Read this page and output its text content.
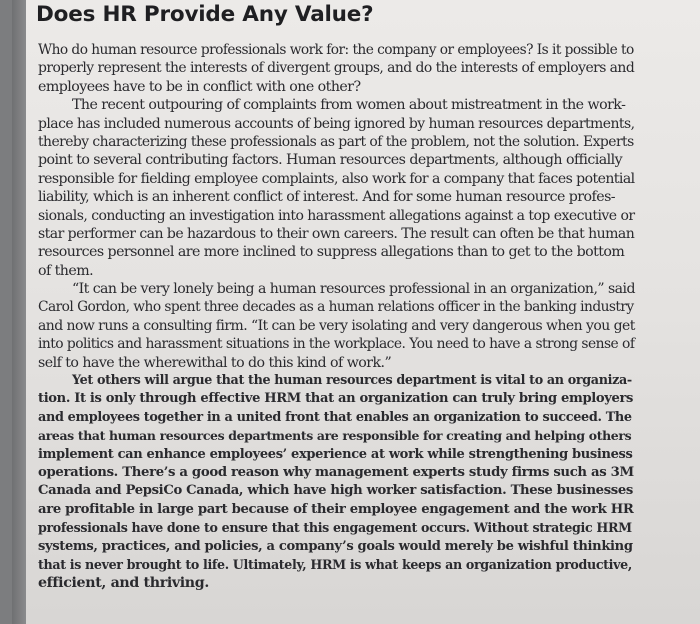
Does HR Provide Any Value?
Who do human resource professionals work for: the company or employees? Is it possible to
properly represent the interests of divergent groups, and do the interests of employers and
employees have to be in conflict with one other?
The recent outpouring of complaints from women about mistreatment in the work-
place has included numerous accounts of being ignored by human resources departments,
thereby characterizing these professionals as part of the problem, not the solution. Experts
point to several contributing factors. Human resources departments, although officially
responsible for fielding employee complaints, also work for a company that faces potential
liability, which is an inherent conflict of interest. And for some human resource profes-
sionals, conducting an investigation into harassment allegations against a top executive or
star performer can be hazardous to their own careers. The result can often be that human
resources personnel are more inclined to suppress allegations than to get to the bottom
of them.
“It can be very lonely being a human resources professional in an organization,” said
Carol Gordon, who spent three decades as a human relations officer in the banking industry
and now runs a consulting firm. “It can be very isolating and very dangerous when you get
into politics and harassment situations in the workplace. You need to have a strong sense of
self to have the wherewithal to do this kind of work.”
Yet others will argue that the human resources department is vital to an organiza-
tion. It is only through effective HRM that an organization can truly bring employers
and employees together in a united front that enables an organization to succeed. The
areas that human resources departments are responsible for creating and helping others
implement can enhance employees’ experience at work while strengthening business
operations. There’s a good reason why management experts study firms such as 3M
Canada and PepsiCo Canada, which have high worker satisfaction. These businesses
are profitable in large part because of their employee engagement and the work HR
professionals have done to ensure that this engagement occurs. Without strategic HRM
systems, practices, and policies, a company’s goals would merely be wishful thinking
that is never brought to life. Ultimately, HRM is what keeps an organization productive,
efficient, and thriving.
